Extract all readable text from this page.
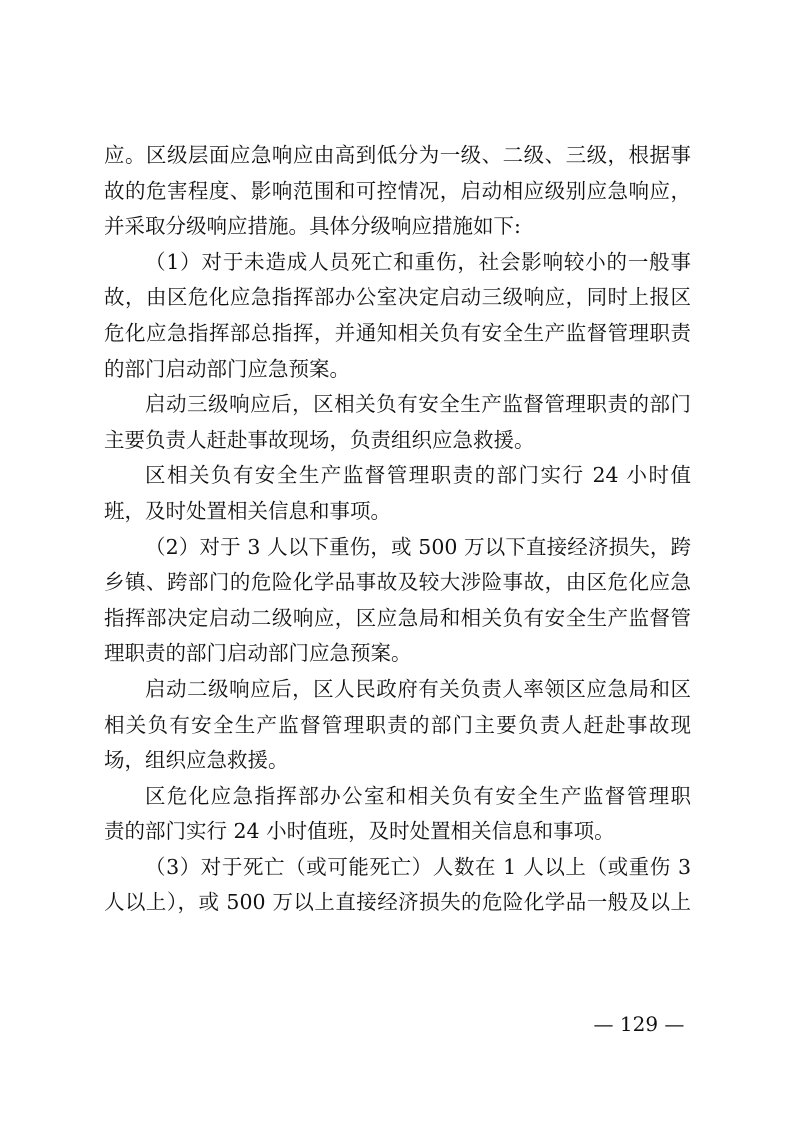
应。区级层面应急响应由高到低分为一级、二级、三级，根据事
故的危害程度、影响范围和可控情况，启动相应级别应急响应，
并采取分级响应措施。具体分级响应措施如下:
（1）对于未造成人员死亡和重伤，社会影响较小的一般事
故，由区危化应急指挥部办公室决定启动三级响应，同时上报区
危化应急指挥部总指挥，并通知相关负有安全生产监督管理职责
的部门启动部门应急预案。
启动三级响应后，区相关负有安全生产监督管理职责的部门
主要负责人赶赴事故现场，负责组织应急救援。
区相关负有安全生产监督管理职责的部门实行 24 小时值
班，及时处置相关信息和事项。
（2）对于 3 人以下重伤，或 500 万以下直接经济损失，跨
乡镇、跨部门的危险化学品事故及较大涉险事故，由区危化应急
指挥部决定启动二级响应，区应急局和相关负有安全生产监督管
理职责的部门启动部门应急预案。
启动二级响应后，区人民政府有关负责人率领区应急局和区
相关负有安全生产监督管理职责的部门主要负责人赶赴事故现
场，组织应急救援。
区危化应急指挥部办公室和相关负有安全生产监督管理职
责的部门实行 24 小时值班，及时处置相关信息和事项。
（3）对于死亡（或可能死亡）人数在 1 人以上（或重伤 3
人以上），或 500 万以上直接经济损失的危险化学品一般及以上
— 129 —
